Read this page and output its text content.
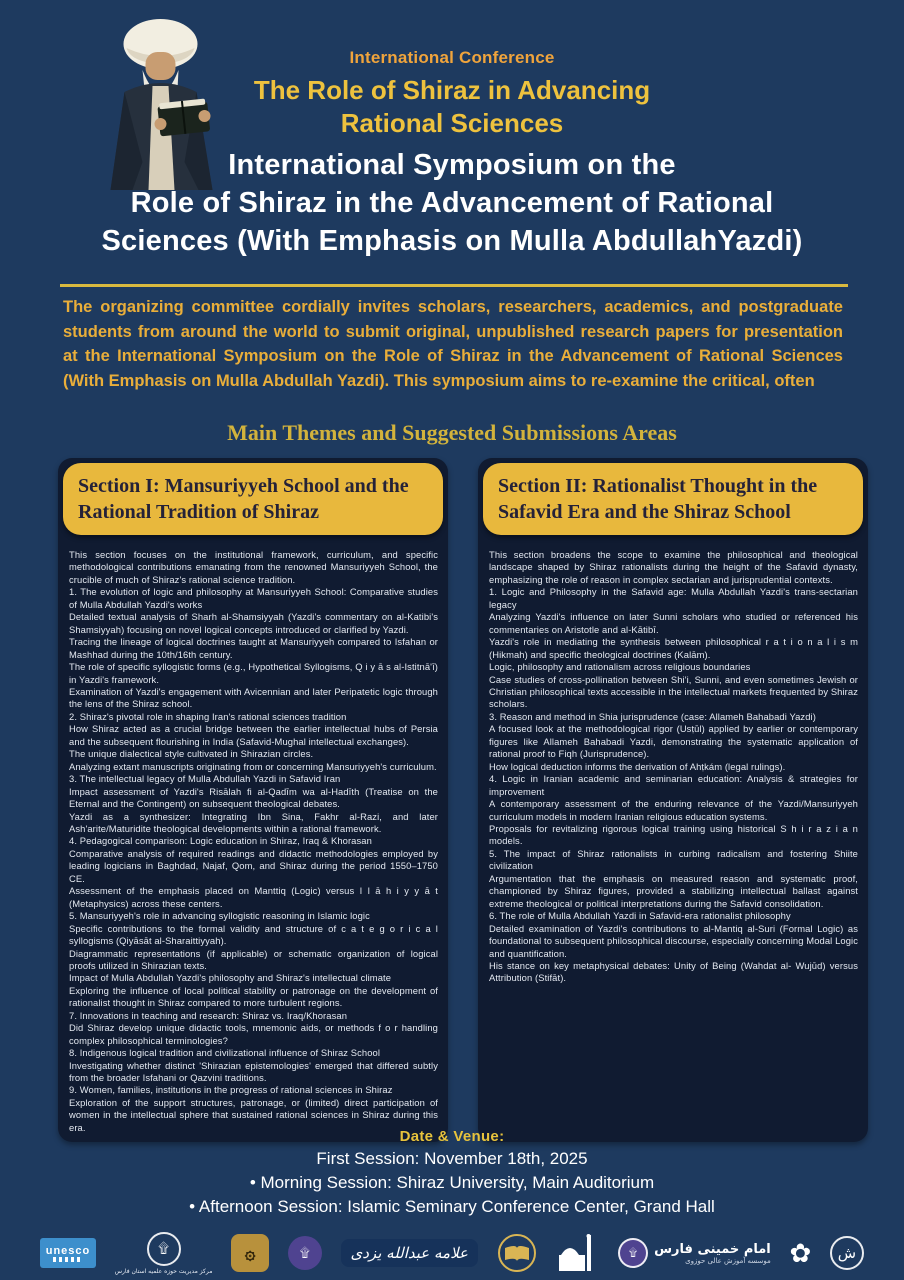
International Conference
The Role of Shiraz in Advancing
Rational Sciences
International Symposium on the
Role of Shiraz in the Advancement of Rational
Sciences (With Emphasis on Mulla AbdullahYazdi)
The organizing committee cordially invites scholars, researchers, academics, and postgraduate students from around the world to submit original, unpublished research papers for presentation at the International Symposium on the Role of Shiraz in the Advancement of Rational Sciences (With Emphasis on Mulla Abdullah Yazdi). This symposium aims to re-examine the critical, often
Main Themes and Suggested Submissions Areas
Section I: Mansuriyyeh School and the Rational Tradition of Shiraz

This section focuses on the institutional framework, curriculum, and specific methodological contributions emanating from the renowned Mansuriyyeh School, the crucible of much of Shiraz's rational science tradition.

1. The evolution of logic and philosophy at Mansuriyyeh School: Comparative studies of Mulla Abdullah Yazdi's works

Detailed textual analysis of Sharh al-Shamsiyyah (Yazdi's commentary on al-Katibi's Shamsiyyah) focusing on novel logical concepts introduced or clarified by Yazdi.

Tracing the lineage of logical doctrines taught at Mansuriyyeh compared to Isfahan or Mashhad during the 10th/16th century.

The role of specific syllogistic forms (e.g., Hypothetical Syllogisms, Q i y ā s al-Istitnā'ī) in Yazdi's framework.

Examination of Yazdi's engagement with Avicennian and later Peripatetic logic through the lens of the Shiraz school.

2. Shiraz's pivotal role in shaping Iran's rational sciences tradition

How Shiraz acted as a crucial bridge between the earlier intellectual hubs of Persia and the subsequent flourishing in India (Safavid-Mughal intellectual exchanges).

The unique dialectical style cultivated in Shirazian circles.

Analyzing extant manuscripts originating from or concerning Mansuriyyeh's curriculum.

3. The intellectual legacy of Mulla Abdullah Yazdi in Safavid Iran

Impact assessment of Yazdi's Risālah fi al-Qadīm wa al-Hadīth (Treatise on the Eternal and the Contingent) on subsequent theological debates.

Yazdi as a synthesizer: Integrating Ibn Sina, Fakhr al-Razi, and later Ash'arite/Maturidite theological developments within a rational framework.

4. Pedagogical comparison: Logic education in Shiraz, Iraq & Khorasan

Comparative analysis of required readings and didactic methodologies employed by leading logicians in Baghdad, Najaf, Qom, and Shiraz during the period 1550–1750 CE.

Assessment of the emphasis placed on Manttiq (Logic) versus I l ā h i y y ā t (Metaphysics) across these centers.

5. Mansuriyyeh's role in advancing syllogistic reasoning in Islamic logic

Specific contributions to the formal validity and structure of c a t e g o r i c a l syllogisms (Qiyāsāt al-Sharaittiyyah).

Diagrammatic representations (if applicable) or schematic organization of logical proofs utilized in Shirazian texts.

Impact of Mulla Abdullah Yazdi's philosophy and Shiraz's intellectual climate

Exploring the influence of local political stability or patronage on the development of rationalist thought in Shiraz compared to more turbulent regions.

7. Innovations in teaching and research: Shiraz vs. Iraq/Khorasan

Did Shiraz develop unique didactic tools, mnemonic aids, or methods f o r handling complex philosophical terminologies?

8. Indigenous logical tradition and civilizational influence of Shiraz School

Investigating whether distinct 'Shirazian epistemologies' emerged that differed subtly from the broader Isfahani or Qazvini traditions.

9. Women, families, institutions in the progress of rational sciences in Shiraz

Exploration of the support structures, patronage, or (limited) direct participation of women in the intellectual sphere that sustained rational sciences in Shiraz during this era.

Section II: Rationalist Thought in the Safavid Era and the Shiraz School

This section broadens the scope to examine the philosophical and theological landscape shaped by Shiraz rationalists during the height of the Safavid dynasty, emphasizing the role of reason in complex sectarian and jurisprudential contexts.

1. Logic and Philosophy in the Safavid age: Mulla Abdullah Yazdi's trans-sectarian legacy

Analyzing Yazdi's influence on later Sunni scholars who studied or referenced his commentaries on Aristotle and al-Kātibī.

Yazdi's role in mediating the synthesis between philosophical r a t i o n a l i s m (Hikmah) and specific theological doctrines (Kalām).

Logic, philosophy and rationalism across religious boundaries

Case studies of cross-pollination between Shi'i, Sunni, and even sometimes Jewish or Christian philosophical texts accessible in the intellectual markets frequented by Shiraz scholars.

3. Reason and method in Shia jurisprudence (case: Allameh Bahabadi Yazdi)

A focused look at the methodological rigor (Usṭūl) applied by earlier or contemporary figures like Allameh Bahabadi Yazdi, demonstrating the systematic application of rational proof to Fiqh (Jurisprudence).

How logical deduction informs the derivation of Ahṭkám (legal rulings).

4. Logic in Iranian academic and seminarian education: Analysis & strategies for improvement

A contemporary assessment of the enduring relevance of the Yazdi/Mansuriyyeh curriculum models in modern Iranian religious education systems.

Proposals for revitalizing rigorous logical training using historical S h i r a z i a n models.

5. The impact of Shiraz rationalists in curbing radicalism and fostering Shiite civilization

Argumentation that the emphasis on measured reason and systematic proof, championed by Shiraz figures, provided a stabilizing intellectual ballast against extreme theological or political interpretations during the Safavid consolidation.

6. The role of Mulla Abdullah Yazdi in Safavid-era rationalist philosophy

Detailed examination of Yazdi's contributions to al-Mantiq al-Suri (Formal Logic) as foundational to subsequent philosophical discourse, especially concerning Modal Logic and quantification.

His stance on key metaphysical debates: Unity of Being (Wahdat al- Wujūd) versus Attribution (Stifāt).

Date & Venue:
First Session: November 18th, 2025
• Morning Session: Shiraz University, Main Auditorium
• Afternoon Session: Islamic Seminary Conference Center, Grand Hall
unesco	۩
مرکز مدیریت حوزه علمیه استان فارس
۞	۩	علامه عبدالله یزدی	۩ امام خمینی فارس
موسسه آموزش عالی حوزوی ✿ ش
